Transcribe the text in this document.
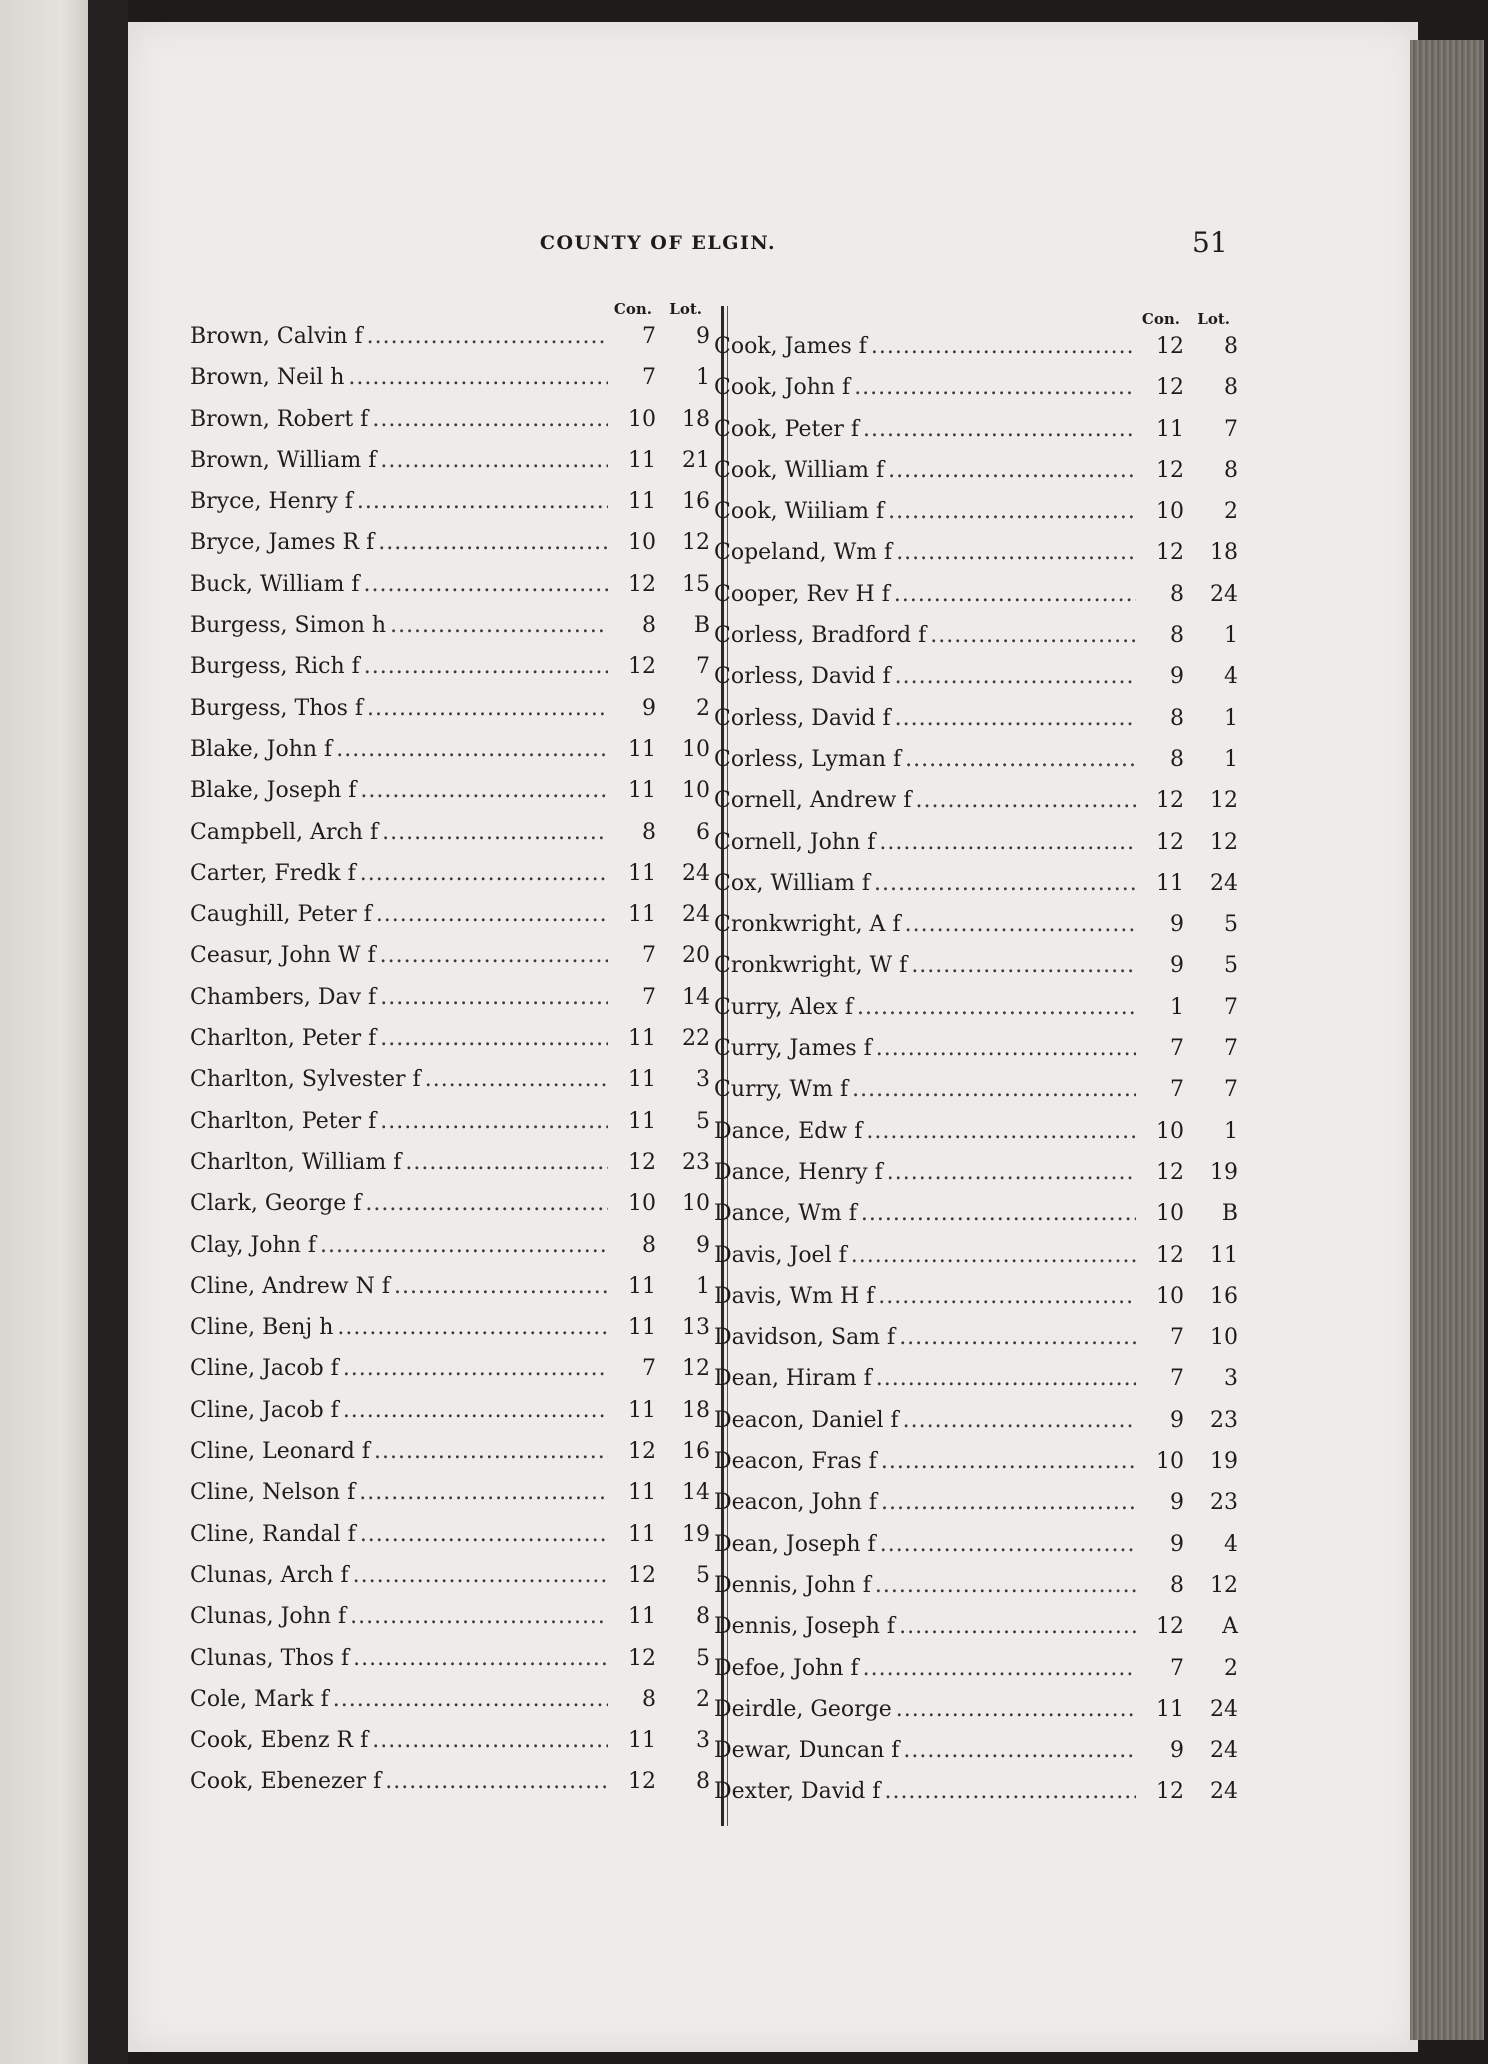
COUNTY OF ELGIN.	51
Con. Lot.
Brown, Calvin f .....	7	9
Brown, Neil h .....	7	1
Brown, Robert f .....	10	18
Brown, William f .....	11	21
Bryce, Henry f .....	11	16
Bryce, James R f .....	10	12
Buck, William f .....	12	15
Burgess, Simon h .....	8	B
Burgess, Rich f .....	12	7
Burgess, Thos f .....	9	2
Blake, John f .....	11	10
Blake, Joseph f .....	11	10
Campbell, Arch f .....	8	6
Carter, Fredk f .....	11	24
Caughill, Peter f .....	11	24
Ceasur, John W f .....	7	20
Chambers, Dav f .....	7	14
Charlton, Peter f .....	11	22
Charlton, Sylvester f .....	11	3
Charlton, Peter f .....	11	5
Charlton, William f .....	12	23
Clark, George f .....	10	10
Clay, John f .....	8	9
Cline, Andrew N f .....	11	1
Cline, Benj h .....	11	13
Cline, Jacob f .....	7	12
Cline, Jacob f .....	11	18
Cline, Leonard f .....	12	16
Cline, Nelson f .....	11	14
Cline, Randal f .....	11	19
Clunas, Arch f .....	12	5
Clunas, John f .....	11	8
Clunas, Thos f .....	12	5
Cole, Mark f .....	8	2
Cook, Ebenz R f .....	11	3
Cook, Ebenezer f .....	12	8
Con. Lot.
Cook, James f .....	12	8
Cook, John f .....	12	8
Cook, Peter f .....	11	7
Cook, William f .....	12	8
Cook, Wiiliam f .....	10	2
Copeland, Wm f .....	12	18
Cooper, Rev H f .....	8	24
Corless, Bradford f .....	8	1
Corless, David f .....	9	4
Corless, David f .....	8	1
Corless, Lyman f .....	8	1
Cornell, Andrew f .....	12	12
Cornell, John f .....	12	12
Cox, William f .....	11	24
Cronkwright, A f .....	9	5
Cronkwright, W f .....	9	5
Curry, Alex f .....	1	7
Curry, James f .....	7	7
Curry, Wm f .....	7	7
Dance, Edw f .....	10	1
Dance, Henry f .....	12	19
Dance, Wm f .....	10	B
Davis, Joel f .....	12	11
Davis, Wm H f .....	10	16
Davidson, Sam f .....	7	10
Dean, Hiram f .....	7	3
Deacon, Daniel f .....	9	23
Deacon, Fras f .....	10	19
Deacon, John f .....	9	23
Dean, Joseph f .....	9	4
Dennis, John f .....	8	12
Dennis, Joseph f .....	12	A
Defoe, John f .....	7	2
Deirdle, George .....	11	24
Dewar, Duncan f .....	9	24
Dexter, David f .....	12	24
